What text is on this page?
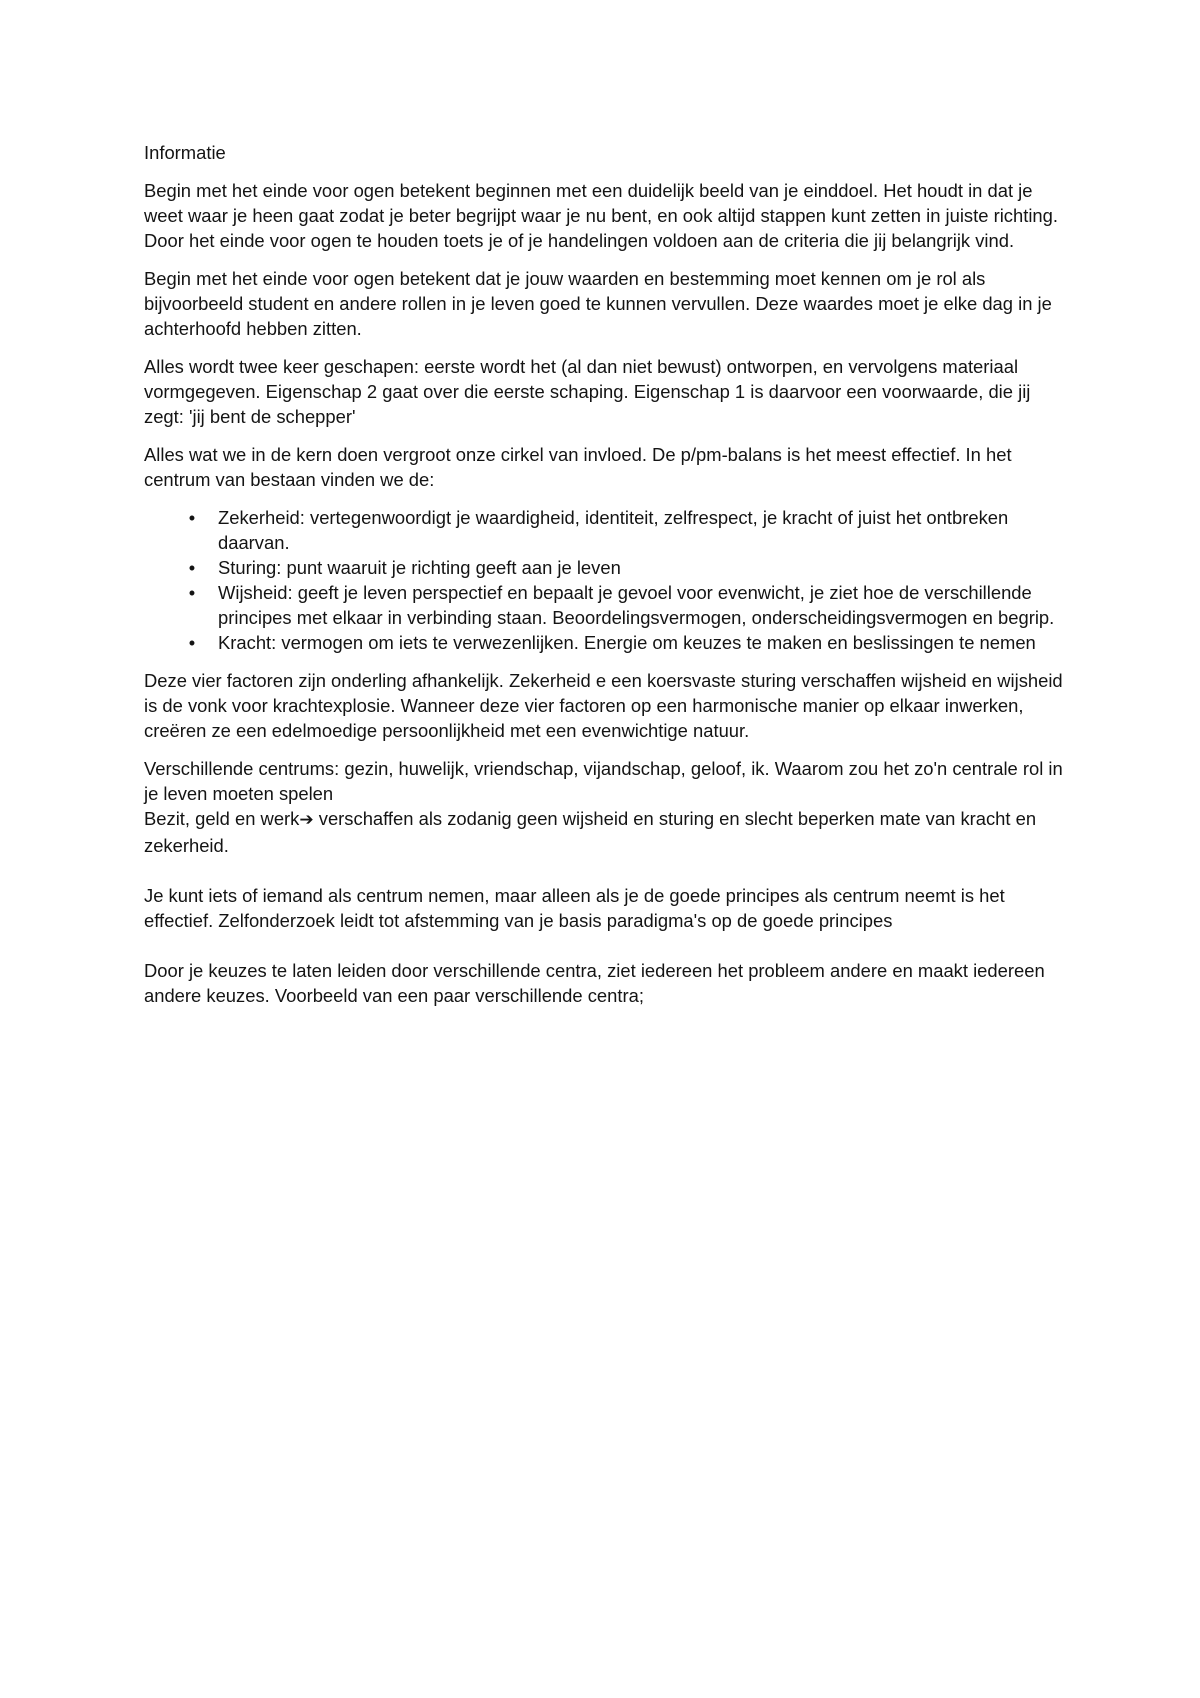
Informatie

Begin met het einde voor ogen betekent beginnen met een duidelijk beeld van je einddoel. Het houdt in dat je weet waar je heen gaat zodat je beter begrijpt waar je nu bent, en ook altijd stappen kunt zetten in juiste richting. Door het einde voor ogen te houden toets je of je handelingen voldoen aan de criteria die jij belangrijk vind.

Begin met het einde voor ogen betekent dat je jouw waarden en bestemming moet kennen om je rol als bijvoorbeeld student en andere rollen in je leven goed te kunnen vervullen. Deze waardes moet je elke dag in je achterhoofd hebben zitten.

Alles wordt twee keer geschapen: eerste wordt het (al dan niet bewust) ontworpen, en vervolgens materiaal vormgegeven. Eigenschap 2 gaat over die eerste schaping. Eigenschap 1 is daarvoor een voorwaarde, die jij zegt: 'jij bent de schepper'

Alles wat we in de kern doen vergroot onze cirkel van invloed. De p/pm-balans is het meest effectief. In het centrum van bestaan vinden we de:

•	Zekerheid: vertegenwoordigt je waardigheid, identiteit, zelfrespect, je kracht of juist het ontbreken daarvan.
•	Sturing: punt waaruit je richting geeft aan je leven
•	Wijsheid: geeft je leven perspectief en bepaalt je gevoel voor evenwicht, je ziet hoe de verschillende principes met elkaar in verbinding staan. Beoordelingsvermogen, onderscheidingsvermogen en begrip.
•	Kracht: vermogen om iets te verwezenlijken. Energie om keuzes te maken en beslissingen te nemen

Deze vier factoren zijn onderling afhankelijk. Zekerheid e een koersvaste sturing verschaffen wijsheid en wijsheid is de vonk voor krachtexplosie. Wanneer deze vier factoren op een harmonische manier op elkaar inwerken, creëren ze een edelmoedige persoonlijkheid met een evenwichtige natuur.

Verschillende centrums: gezin, huwelijk, vriendschap, vijandschap, geloof, ik. Waarom zou het zo'n centrale rol in je leven moeten spelen

Bezit, geld en werk➔ verschaffen als zodanig geen wijsheid en sturing en slecht beperken mate van kracht en zekerheid.

Je kunt iets of iemand als centrum nemen, maar alleen als je de goede principes als centrum neemt is het effectief. Zelfonderzoek leidt tot afstemming van je basis paradigma's op de goede principes

Door je keuzes te laten leiden door verschillende centra, ziet iedereen het probleem andere en maakt iedereen andere keuzes. Voorbeeld van een paar verschillende centra;
